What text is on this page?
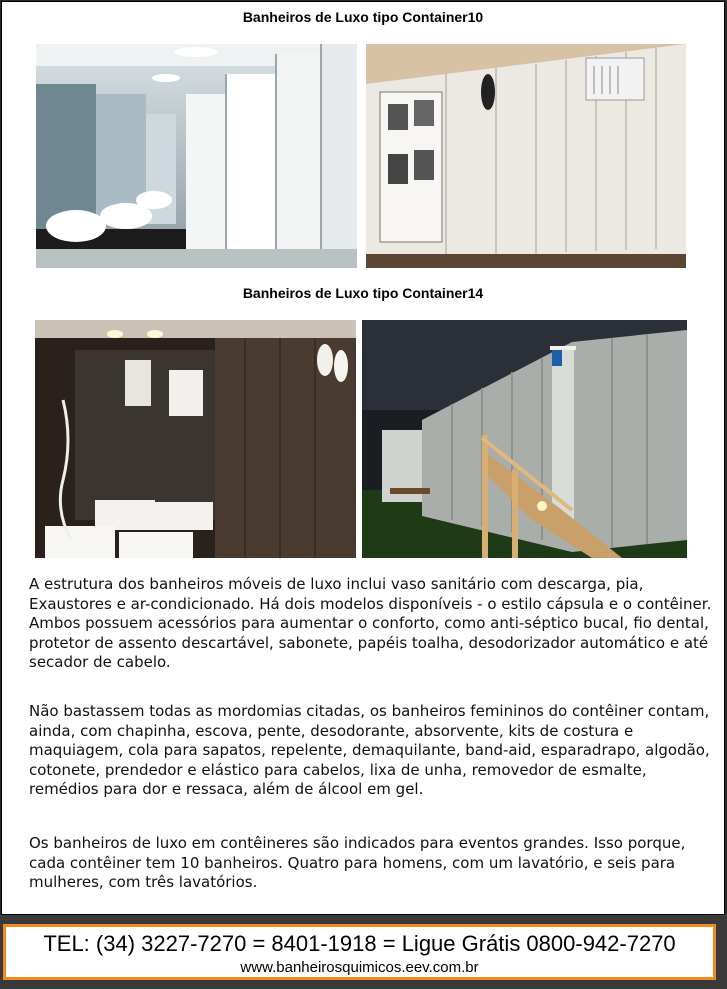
Banheiros de Luxo tipo Container10
Banheiros de Luxo tipo Container14

A estrutura dos banheiros móveis de luxo inclui vaso sanitário com descarga, pia, Exaustores e ar-condicionado. Há dois modelos disponíveis - o estilo cápsula e o contêiner. Ambos possuem acessórios para aumentar o conforto, como anti-séptico bucal, fio dental, protetor de assento descartável, sabonete, papéis toalha, desodorizador automático e até secador de cabelo.

Não bastassem todas as mordomias citadas, os banheiros femininos do contêiner contam, ainda, com chapinha, escova, pente, desodorante, absorvente, kits de costura e maquiagem, cola para sapatos, repelente, demaquilante, band-aid, esparadrapo, algodão, cotonete, prendedor e elástico para cabelos, lixa de unha, removedor de esmalte, remédios para dor e ressaca, além de álcool em gel.

Os banheiros de luxo em contêineres são indicados para eventos grandes. Isso porque, cada contêiner tem 10 banheiros. Quatro para homens, com um lavatório, e seis para mulheres, com três lavatórios.

TEL: (34) 3227-7270 = 8401-1918 = Ligue Grátis 0800-942-7270
www.banheirosquimicos.eev.com.br
